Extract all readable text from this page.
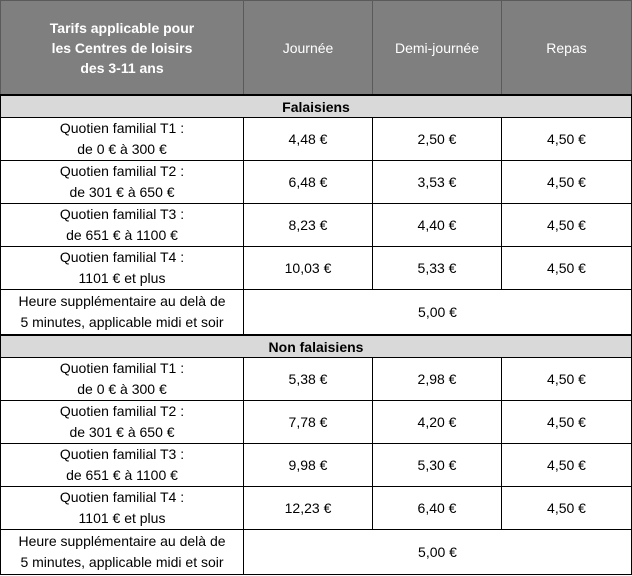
Tarifs applicable pour
les Centres de loisirs
des 3-11 ans	Journée	Demi-journée	Repas
Falaisiens			

Quotien familial T1 :
de 0 € à 300 €	4,48 €	2,50 €	4,50 €

Quotien familial T2 :
de 301 € à 650 €	6,48 €	3,53 €	4,50 €

Quotien familial T3 :
de 651 € à 1100 €	8,23 €	4,40 €	4,50 €

Quotien familial T4 :
1101 € et plus	10,03 €	5,33 €	4,50 €

Heure supplémentaire au delà de
5 minutes, applicable midi et soir	5,00 €		
Non falaisiens			

Quotien familial T1 :
de 0 € à 300 €	5,38 €	2,98 €	4,50 €

Quotien familial T2 :
de 301 € à 650 €	7,78 €	4,20 €	4,50 €

Quotien familial T3 :
de 651 € à 1100 €	9,98 €	5,30 €	4,50 €

Quotien familial T4 :
1101 € et plus	12,23 €	6,40 €	4,50 €

Heure supplémentaire au delà de
5 minutes, applicable midi et soir	5,00 €		
